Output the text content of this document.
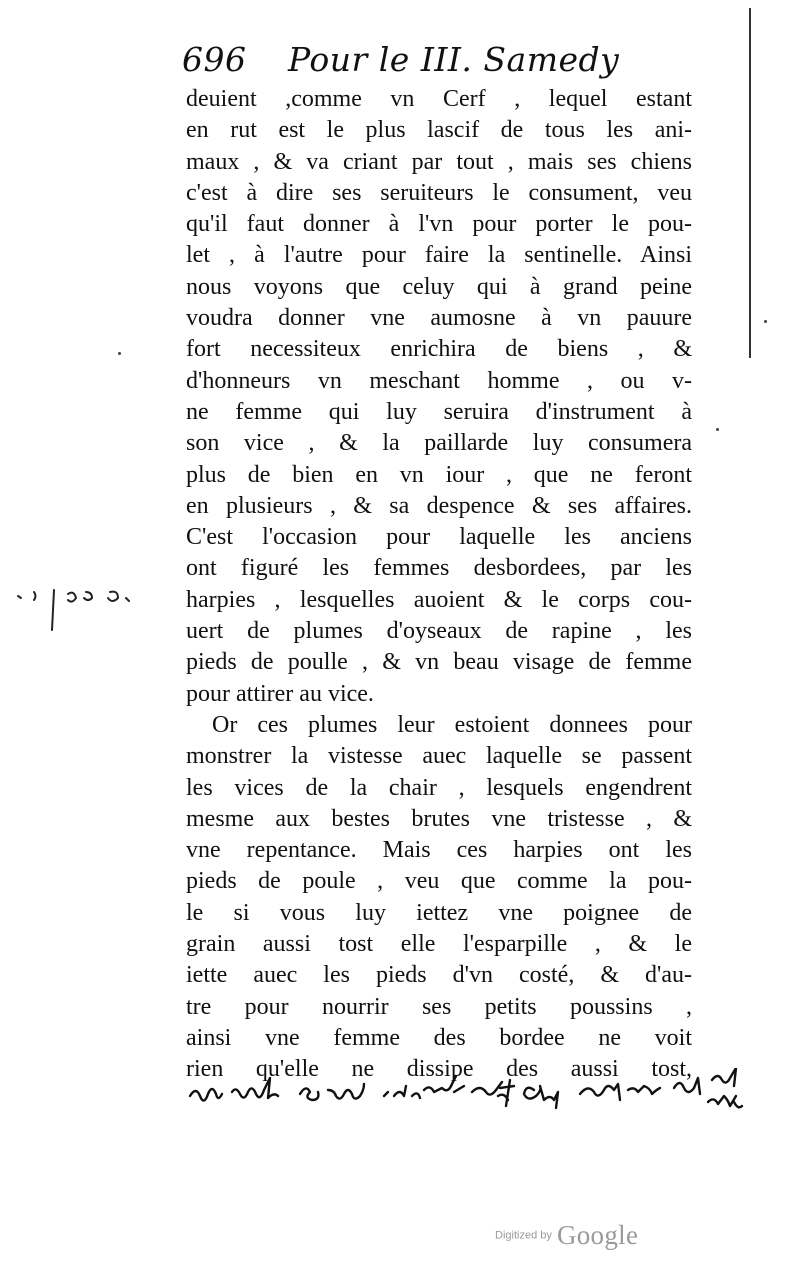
696 Pour le III. Samedy
deuient ,comme vn Cerf , lequel estant
en rut est le plus lascif de tous les ani-
maux , & va criant par tout , mais ses chiens
c'est à dire ses seruiteurs le consument, veu
qu'il faut donner à l'vn pour porter le pou-
let , à l'autre pour faire la sentinelle. Ainsi
nous voyons que celuy qui à grand peine
voudra donner vne aumosne à vn pauure
fort necessiteux enrichira de biens , &
d'honneurs vn meschant homme , ou v-
ne femme qui luy seruira d'instrument à
son vice , & la paillarde luy consumera
plus de bien en vn iour , que ne feront
en plusieurs , & sa despence & ses affaires.
C'est l'occasion pour laquelle les anciens
ont figuré les femmes desbordees, par les
harpies , lesquelles auoient & le corps cou-
uert de plumes d'oyseaux de rapine , les
pieds de poulle , & vn beau visage de femme
pour attirer au vice.
Or ces plumes leur estoient donnees pour
monstrer la vistesse auec laquelle se passent
les vices de la chair , lesquels engendrent
mesme aux bestes brutes vne tristesse , &
vne repentance. Mais ces harpies ont les
pieds de poule , veu que comme la pou-
le si vous luy iettez vne poignee de
grain aussi tost elle l'esparpille , & le
iette auec les pieds d'vn costé, & d'au-
tre pour nourrir ses petits poussins ,
ainsi vne femme des bordee ne voit
rien qu'elle ne dissipe des aussi tost,
Digitized by Google
